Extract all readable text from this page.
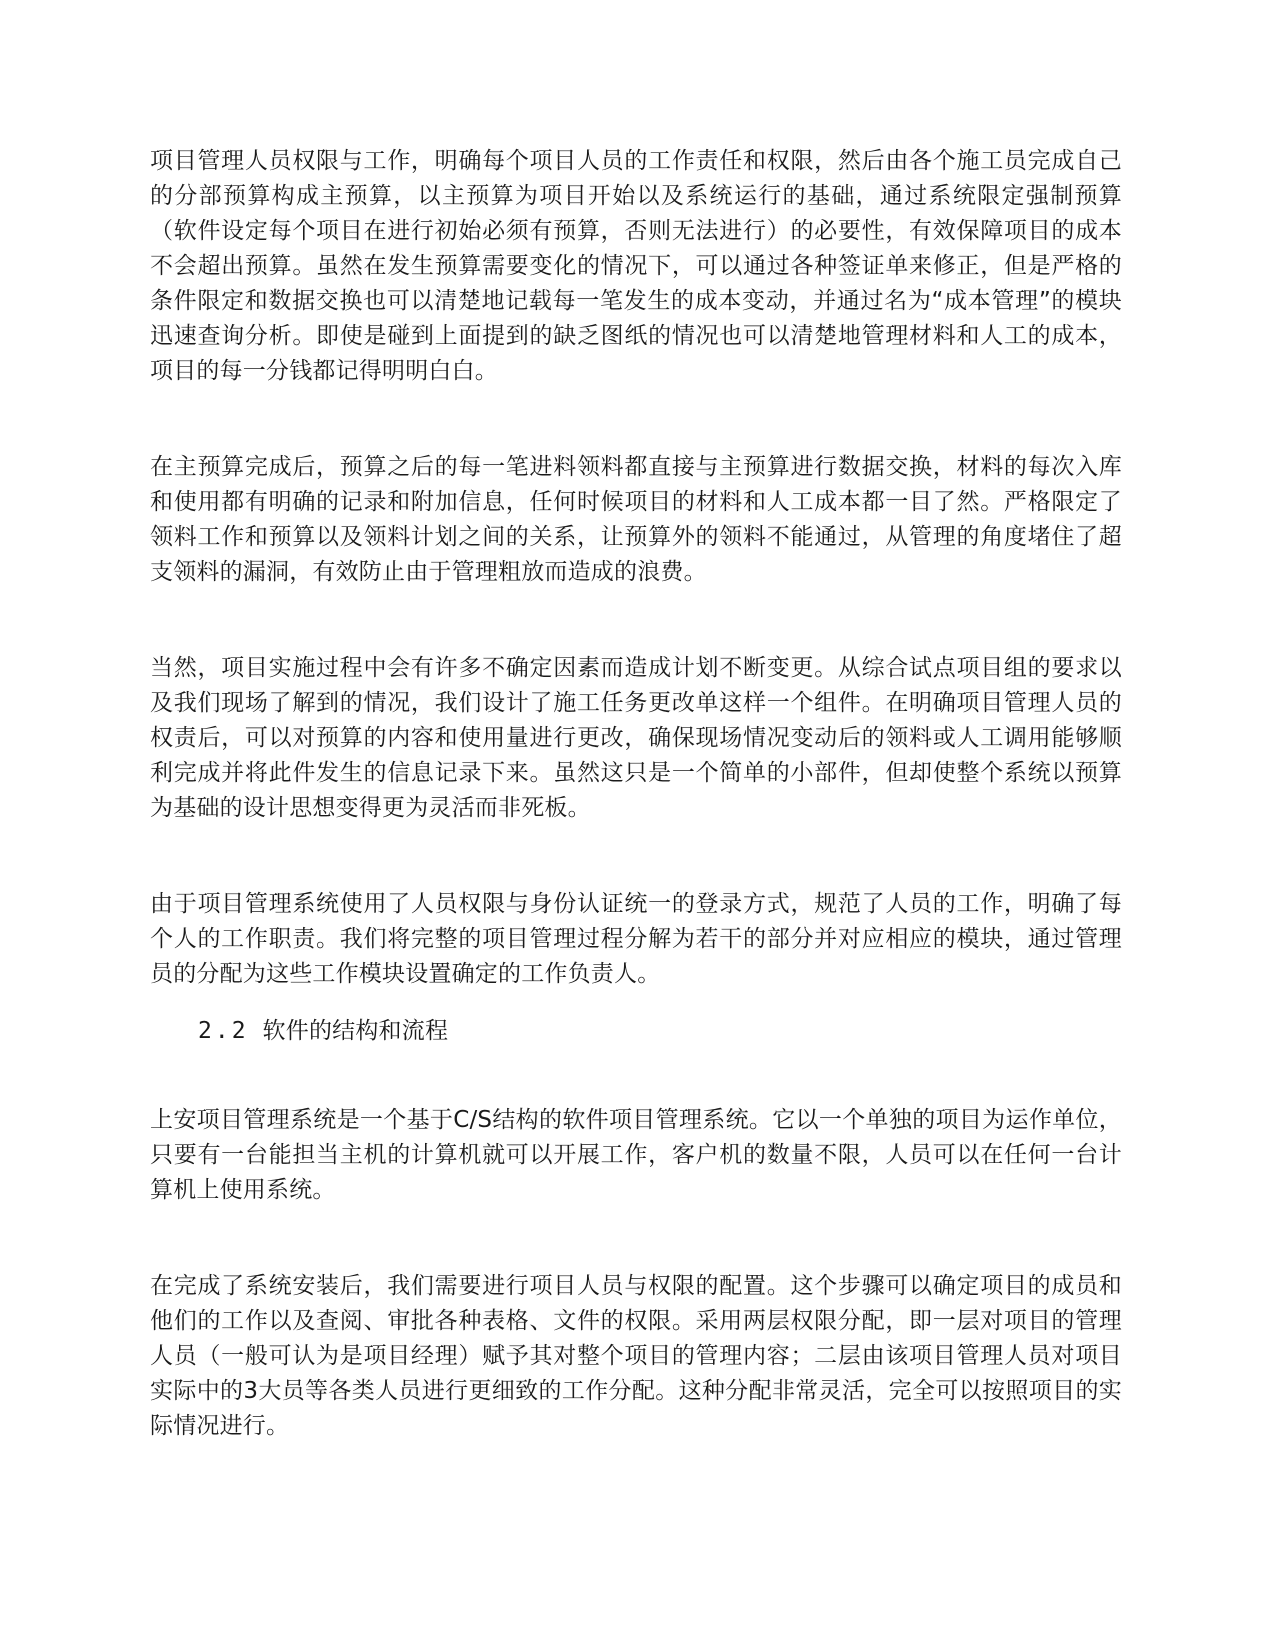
项目管理人员权限与工作，明确每个项目人员的工作责任和权限，然后由各个施工员完成自己的分部预算构成主预算，以主预算为项目开始以及系统运行的基础，通过系统限定强制预算（软件设定每个项目在进行初始必须有预算，否则无法进行）的必要性，有效保障项目的成本不会超出预算。虽然在发生预算需要变化的情况下，可以通过各种签证单来修正，但是严格的条件限定和数据交换也可以清楚地记载每一笔发生的成本变动，并通过名为“成本管理”的模块迅速查询分析。即使是碰到上面提到的缺乏图纸的情况也可以清楚地管理材料和人工的成本，项目的每一分钱都记得明明白白。

在主预算完成后，预算之后的每一笔进料领料都直接与主预算进行数据交换，材料的每次入库和使用都有明确的记录和附加信息，任何时候项目的材料和人工成本都一目了然。严格限定了领料工作和预算以及领料计划之间的关系，让预算外的领料不能通过，从管理的角度堵住了超支领料的漏洞，有效防止由于管理粗放而造成的浪费。

当然，项目实施过程中会有许多不确定因素而造成计划不断变更。从综合试点项目组的要求以及我们现场了解到的情况，我们设计了施工任务更改单这样一个组件。在明确项目管理人员的权责后，可以对预算的内容和使用量进行更改，确保现场情况变动后的领料或人工调用能够顺利完成并将此件发生的信息记录下来。虽然这只是一个简单的小部件，但却使整个系统以预算为基础的设计思想变得更为灵活而非死板。

由于项目管理系统使用了人员权限与身份认证统一的登录方式，规范了人员的工作，明确了每个人的工作职责。我们将完整的项目管理过程分解为若干的部分并对应相应的模块，通过管理员的分配为这些工作模块设置确定的工作负责人。

2.2 软件的结构和流程

上安项目管理系统是一个基于C/S结构的软件项目管理系统。它以一个单独的项目为运作单位，只要有一台能担当主机的计算机就可以开展工作，客户机的数量不限，人员可以在任何一台计算机上使用系统。

在完成了系统安装后，我们需要进行项目人员与权限的配置。这个步骤可以确定项目的成员和他们的工作以及查阅、审批各种表格、文件的权限。采用两层权限分配，即一层对项目的管理人员（一般可认为是项目经理）赋予其对整个项目的管理内容；二层由该项目管理人员对项目实际中的3大员等各类人员进行更细致的工作分配。这种分配非常灵活，完全可以按照项目的实际情况进行。
